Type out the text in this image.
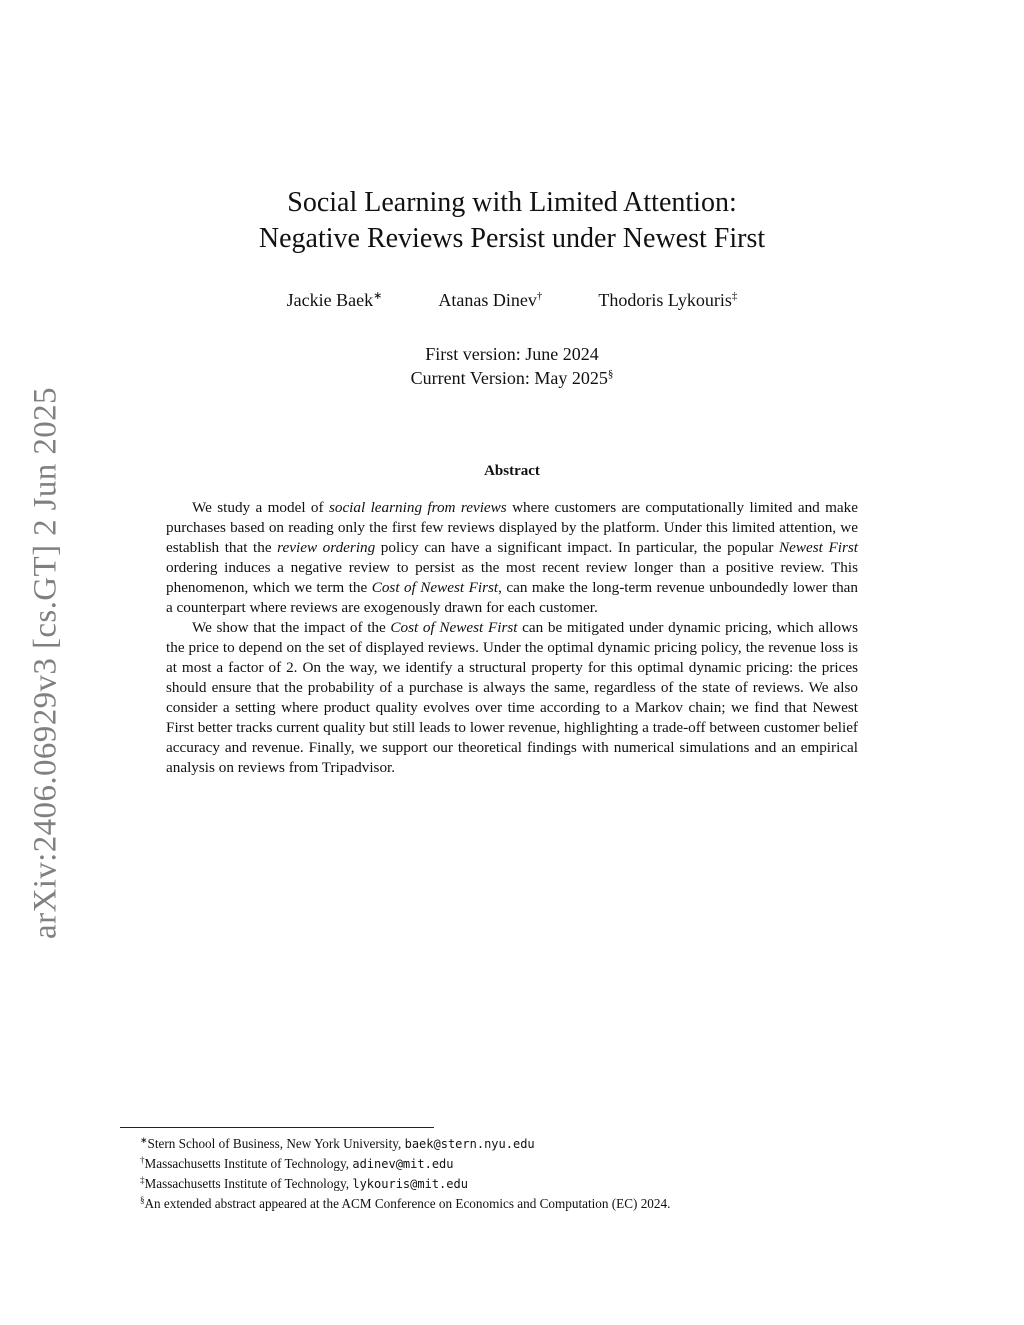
arXiv:2406.06929v3 [cs.GT] 2 Jun 2025
Social Learning with Limited Attention:
Negative Reviews Persist under Newest First
Jackie Baek∗	Atanas Dinev†	Thodoris Lykouris‡
First version: June 2024
Current Version: May 2025§
Abstract

We study a model of social learning from reviews where customers are computationally limited and make purchases based on reading only the first few reviews displayed by the platform. Under this limited attention, we establish that the review ordering policy can have a significant impact. In particular, the popular Newest First ordering induces a negative review to persist as the most recent review longer than a positive review. This phenomenon, which we term the Cost of Newest First, can make the long-term revenue unboundedly lower than a counterpart where reviews are exogenously drawn for each customer.

We show that the impact of the Cost of Newest First can be mitigated under dynamic pricing, which allows the price to depend on the set of displayed reviews. Under the optimal dynamic pricing policy, the revenue loss is at most a factor of 2. On the way, we identify a structural property for this optimal dynamic pricing: the prices should ensure that the probability of a purchase is always the same, regardless of the state of reviews. We also consider a setting where product quality evolves over time according to a Markov chain; we find that Newest First better tracks current quality but still leads to lower revenue, highlighting a trade-off between customer belief accuracy and revenue. Finally, we support our theoretical findings with numerical simulations and an empirical analysis on reviews from Tripadvisor.

∗Stern School of Business, New York University, baek@stern.nyu.edu
†Massachusetts Institute of Technology, adinev@mit.edu
‡Massachusetts Institute of Technology, lykouris@mit.edu
§An extended abstract appeared at the ACM Conference on Economics and Computation (EC) 2024.
